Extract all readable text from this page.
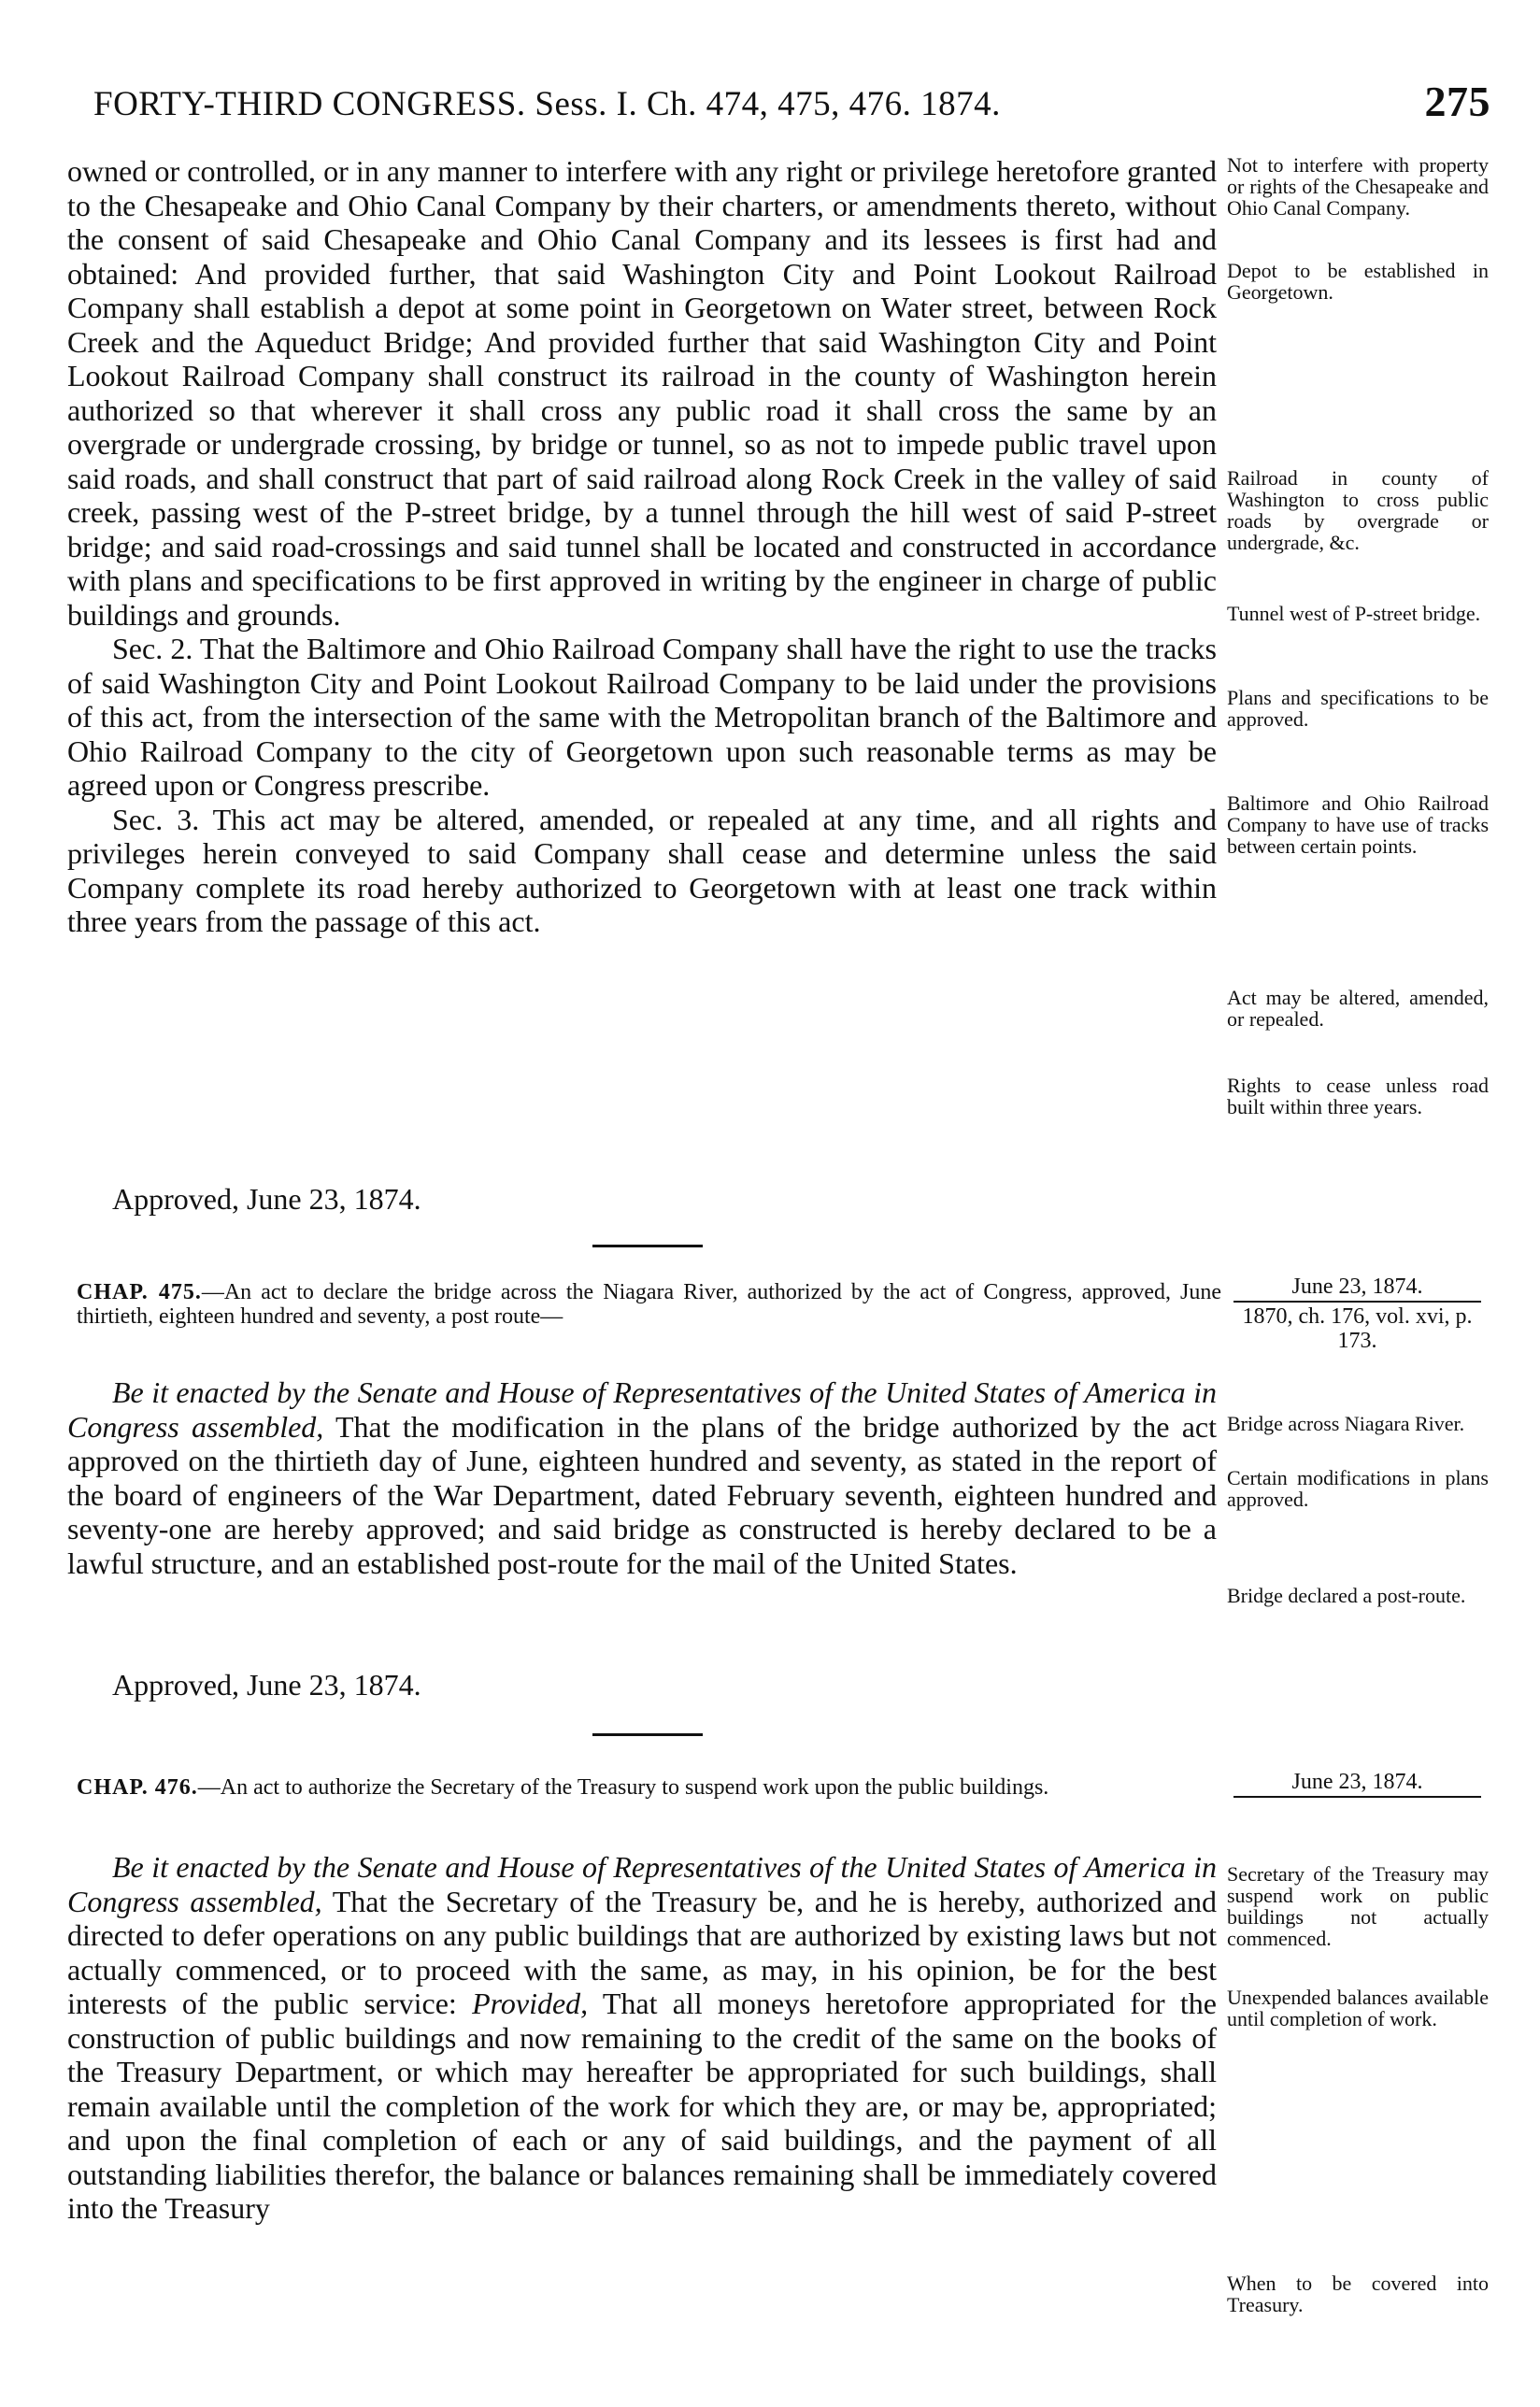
FORTY-THIRD CONGRESS. Sess. I. Ch. 474, 475, 476. 1874.	275

owned or controlled, or in any manner to interfere with any right or privilege heretofore granted to the Chesapeake and Ohio Canal Company by their charters, or amendments thereto, without the consent of said Chesapeake and Ohio Canal Company and its lessees is first had and obtained: And provided further, that said Washington City and Point Lookout Railroad Company shall establish a depot at some point in Georgetown on Water street, between Rock Creek and the Aqueduct Bridge; And provided further that said Washington City and Point Lookout Railroad Company shall construct its railroad in the county of Washington herein authorized so that wherever it shall cross any public road it shall cross the same by an overgrade or undergrade crossing, by bridge or tunnel, so as not to impede public travel upon said roads, and shall construct that part of said railroad along Rock Creek in the valley of said creek, passing west of the P-street bridge, by a tunnel through the hill west of said P-street bridge; and said road-crossings and said tunnel shall be located and constructed in accordance with plans and specifications to be first approved in writing by the engineer in charge of public buildings and grounds.

Sec. 2. That the Baltimore and Ohio Railroad Company shall have the right to use the tracks of said Washington City and Point Lookout Railroad Company to be laid under the provisions of this act, from the intersection of the same with the Metropolitan branch of the Baltimore and Ohio Railroad Company to the city of Georgetown upon such reasonable terms as may be agreed upon or Congress prescribe.

Sec. 3. This act may be altered, amended, or repealed at any time, and all rights and privileges herein conveyed to said Company shall cease and determine unless the said Company complete its road hereby authorized to Georgetown with at least one track within three years from the passage of this act.

Not to interfere with property or rights of the Chesapeake and Ohio Canal Company.
Depot to be established in Georgetown.
Railroad in county of Washington to cross public roads by overgrade or undergrade, &c.
Tunnel west of P-street bridge.
Plans and specifications to be approved.
Baltimore and Ohio Railroad Company to have use of tracks between certain points.
Act may be altered, amended, or repealed.
Rights to cease unless road built within three years.
Approved, June 23, 1874.
CHAP. 475.—An act to declare the bridge across the Niagara River, authorized by the act of Congress, approved, June thirtieth, eighteen hundred and seventy, a post route—
June 23, 1874.
1870, ch. 176, vol. xvi, p. 173.

Be it enacted by the Senate and House of Representatives of the United States of America in Congress assembled, That the modification in the plans of the bridge authorized by the act approved on the thirtieth day of June, eighteen hundred and seventy, as stated in the report of the board of engineers of the War Department, dated February seventh, eighteen hundred and seventy-one are hereby approved; and said bridge as constructed is hereby declared to be a lawful structure, and an established post-route for the mail of the United States.

Bridge across Niagara River.
Certain modifications in plans approved.
Bridge declared a post-route.
Approved, June 23, 1874.
CHAP. 476.—An act to authorize the Secretary of the Treasury to suspend work upon the public buildings.	June 23, 1874.

Be it enacted by the Senate and House of Representatives of the United States of America in Congress assembled, That the Secretary of the Treasury be, and he is hereby, authorized and directed to defer operations on any public buildings that are authorized by existing laws but not actually commenced, or to proceed with the same, as may, in his opinion, be for the best interests of the public service: Provided, That all moneys heretofore appropriated for the construction of public buildings and now remaining to the credit of the same on the books of the Treasury Department, or which may hereafter be appropriated for such buildings, shall remain available until the completion of the work for which they are, or may be, appropriated; and upon the final completion of each or any of said buildings, and the payment of all outstanding liabilities therefor, the balance or balances remaining shall be immediately covered into the Treasury

Secretary of the Treasury may suspend work on public buildings not actually commenced.
Unexpended balances available until completion of work.
When to be covered into Treasury.
